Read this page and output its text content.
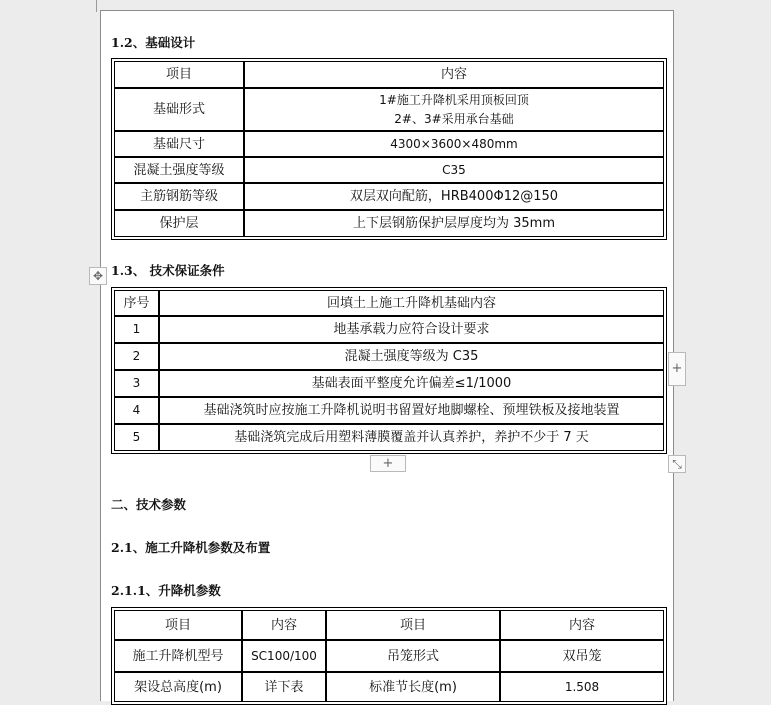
1.2、基础设计
项目	内容
基础形式	1#施工升降机采用顶板回顶
2#、3#采用承台基础

基础尺寸	4300×3600×480mm
混凝土强度等级	C35
主筋钢筋等级	双层双向配筋，HRB400Φ12@150
保护层	上下层钢筋保护层厚度均为 35mm
1.3、 技术保证条件
序号	回填土上施工升降机基础内容
1	地基承载力应符合设计要求
2	混凝土强度等级为 C35
3	基础表面平整度允许偏差≤1/1000
4	基础浇筑时应按施工升降机说明书留置好地脚螺栓、预埋铁板及接地装置
5	基础浇筑完成后用塑料薄膜覆盖并认真养护，养护不少于 7 天
二、技术参数
2.1、施工升降机参数及布置
2.1.1、升降机参数
项目	内容	项目	内容
施工升降机型号	SC100/100	吊笼形式	双吊笼
架设总高度(m)	详下表	标准节长度(m)	1.508
✥
+
+	⤡
